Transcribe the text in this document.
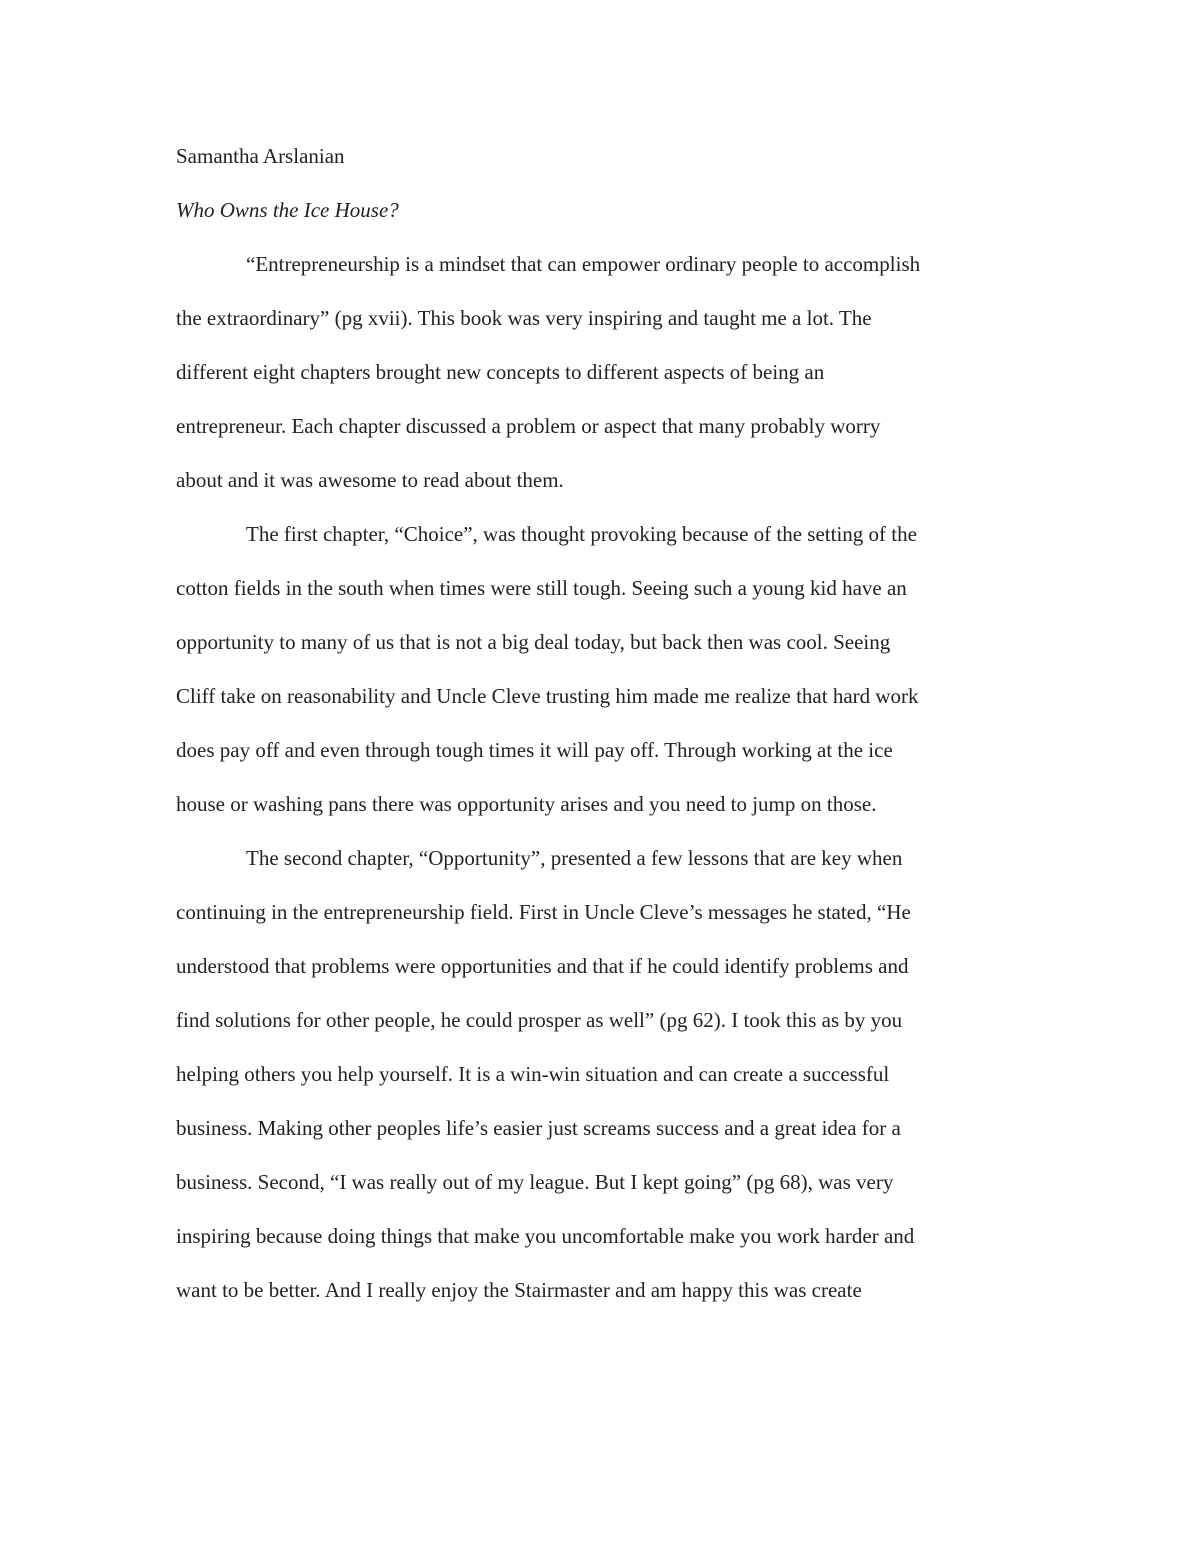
Samantha Arslanian
Who Owns the Ice House?
“Entrepreneurship is a mindset that can empower ordinary people to accomplish
the extraordinary” (pg xvii). This book was very inspiring and taught me a lot. The
different eight chapters brought new concepts to different aspects of being an
entrepreneur. Each chapter discussed a problem or aspect that many probably worry
about and it was awesome to read about them.
The first chapter, “Choice”, was thought provoking because of the setting of the
cotton fields in the south when times were still tough. Seeing such a young kid have an
opportunity to many of us that is not a big deal today, but back then was cool. Seeing
Cliff take on reasonability and Uncle Cleve trusting him made me realize that hard work
does pay off and even through tough times it will pay off. Through working at the ice
house or washing pans there was opportunity arises and you need to jump on those.
The second chapter, “Opportunity”, presented a few lessons that are key when
continuing in the entrepreneurship field. First in Uncle Cleve’s messages he stated, “He
understood that problems were opportunities and that if he could identify problems and
find solutions for other people, he could prosper as well” (pg 62). I took this as by you
helping others you help yourself. It is a win-win situation and can create a successful
business. Making other peoples life’s easier just screams success and a great idea for a
business. Second, “I was really out of my league. But I kept going” (pg 68), was very
inspiring because doing things that make you uncomfortable make you work harder and
want to be better. And I really enjoy the Stairmaster and am happy this was create
